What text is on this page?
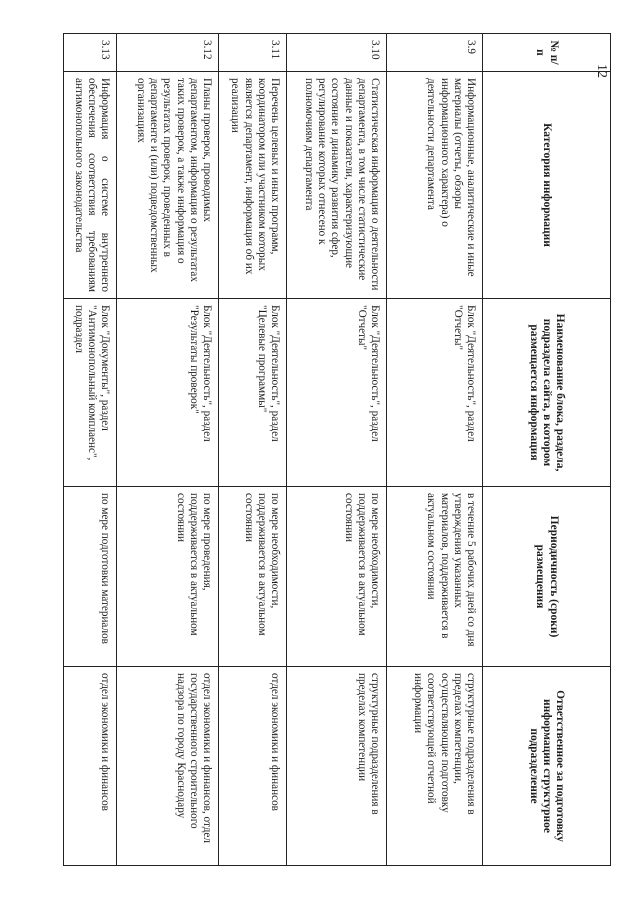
12
№ п/п	Категория информации	Наименование блока, раздела, подраздела сайта, в котором размещается информация	Периодичность (сроки) размещения	Ответственное за подготовку информации структурное подразделение
3.9	Информационные, аналитические и иные материалы (отчеты, обзоры информационного характера) о деятельности департамента	Блок "Деятельность", раздел "Отчеты"	в течение 5 рабочих дней со дня утверждения указанных материалов, поддерживается в актуальном состоянии	структурные подразделения в пределах компетенции, осуществляющие подготовку соответствующей отчетной информации
3.10	Статистическая информация о деятельности департамента, в том числе статистические данные и показатели, характеризующие состояние и динамику развития сфер, регулирование которых отнесено к полномочиям департамента	Блок "Деятельность", раздел "Отчеты"	по мере необходимости, поддерживается в актуальном состоянии	структурные подразделения в пределах компетенции
3.11	Перечень целевых и иных программ, координатором или участником которых является департамент, информация об их реализации	Блок "Деятельность", раздел "Целевые программы"	по мере необходимости, поддерживается в актуальном состоянии	отдел экономики и финансов
3.12	Планы проверок, проводимых департаментом, информация о результатах таких проверок, а также информация о результатах проверок, проведенных в департаменте и (или) подведомственных организациях	Блок "Деятельность", раздел "Результаты проверок"	по мере проведения, поддерживается в актуальном состоянии	отдел экономики и финансов, отдел государственного строительного надзора по городу Краснодару
3.13	Информация о системе внутреннего обеспечения соответствия требованиям антимонопольного законодательства	Блок "Документы", раздел "Антимонопольный комплаенс", подраздел	по мере подготовки материалов	отдел экономики и финансов
